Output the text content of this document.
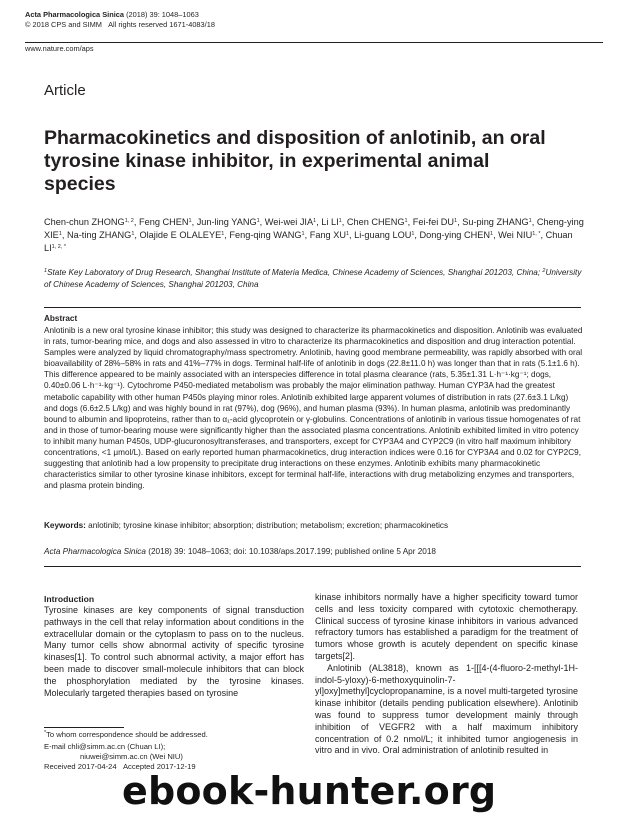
Acta Pharmacologica Sinica (2018) 39: 1048–1063
© 2018 CPS and SIMM All rights reserved 1671-4083/18
www.nature.com/aps
Article
Pharmacokinetics and disposition of anlotinib, an oral tyrosine kinase inhibitor, in experimental animal species

Chen-chun ZHONG$^{1, 2}$, Feng CHEN$^1$, Jun-ling YANG$^1$, Wei-wei JIA$^1$, Li $LI^1$, Chen CHENG$^1$, Fei-fei $DU^1$, Su-ping ZHANG$^1$, Cheng-ying XIE$^1$, Na-ting ZHANG$^1$, Olajide E OLALEYE$^1$, Feng-qing WANG$^1$, Fang $XU^1$, Li-guang LOU$^1$, Dong-ying CHEN$^1$, Wei $NIU^{1, *}$, Chuan $LI^{1, 2, *}$

$^1$State Key Laboratory of Drug Research, Shanghai Institute of Materia Medica, Chinese Academy of Sciences, Shanghai 201203, China; $^2$University of Chinese Academy of Sciences, Shanghai 201203, China

Abstract

Anlotinib is a new oral tyrosine kinase inhibitor; this study was designed to characterize its pharmacokinetics and disposition. Anlotinib was evaluated in rats, tumor-bearing mice, and dogs and also assessed in vitro to characterize its pharmacokinetics and disposition and drug interaction potential. Samples were analyzed by liquid chromatography/mass spectrometry. Anlotinib, having good membrane permeability, was rapidly absorbed with oral bioavailability of 28%–58% in rats and 41%–77% in dogs. Terminal half-life of anlotinib in dogs (22.8±11.0 h) was longer than that in rats (5.1±1.6 h). This difference appeared to be mainly associated with an interspecies difference in total plasma clearance (rats, 5.35±1.31 L·h⁻¹·kg⁻¹; dogs, 0.40±0.06 L·h⁻¹·kg⁻¹). Cytochrome P450-mediated metabolism was probably the major elimination pathway. Human CYP3A had the greatest metabolic capability with other human P450s playing minor roles. Anlotinib exhibited large apparent volumes of distribution in rats (27.6±3.1 L/kg) and dogs (6.6±2.5 L/kg) and was highly bound in rat (97%), dog (96%), and human plasma (93%). In human plasma, anlotinib was predominantly bound to albumin and lipoproteins, rather than to α₁-acid glycoprotein or γ-globulins. Concentrations of anlotinib in various tissue homogenates of rat and in those of tumor-bearing mouse were significantly higher than the associated plasma concentrations. Anlotinib exhibited limited in vitro potency to inhibit many human P450s, UDP-glucuronosyltransferases, and transporters, except for CYP3A4 and CYP2C9 (in vitro half maximum inhibitory concentrations, <1 μmol/L). Based on early reported human pharmacokinetics, drug interaction indices were 0.16 for CYP3A4 and 0.02 for CYP2C9, suggesting that anlotinib had a low propensity to precipitate drug interactions on these enzymes. Anlotinib exhibits many pharmacokinetic characteristics similar to other tyrosine kinase inhibitors, except for terminal half-life, interactions with drug metabolizing enzymes and transporters, and plasma protein binding.

Keywords: anlotinib; tyrosine kinase inhibitor; absorption; distribution; metabolism; excretion; pharmacokinetics

Acta Pharmacologica Sinica (2018) 39: 1048–1063; doi: 10.1038/aps.2017.199; published online 5 Apr 2018

Introduction

Tyrosine kinases are key components of signal transduction pathways in the cell that relay information about conditions in the extracellular domain or the cytoplasm to pass on to the nucleus. Many tumor cells show abnormal activity of specific tyrosine kinases[1]. To control such abnormal activity, a major effort has been made to discover small-molecule inhibitors that can block the phosphorylation mediated by the tyrosine kinases. Molecularly targeted therapies based on tyrosine

kinase inhibitors normally have a higher specificity toward tumor cells and less toxicity compared with cytotoxic chemotherapy. Clinical success of tyrosine kinase inhibitors in various advanced refractory tumors has established a paradigm for the treatment of tumors whose growth is acutely dependent on specific kinase targets[2].

Anlotinib (AL3818), known as 1-[[[4-(4-fluoro-2-methyl-1H-indol-5-yloxy)-6-methoxyquinolin-7-yl]oxy]methyl]cyclopropanamine, is a novel multi-targeted tyrosine kinase inhibitor (details pending publication elsewhere). Anlotinib was found to suppress tumor development mainly through inhibition of VEGFR2 with a half maximum inhibitory concentration of 0.2 nmol/L; it inhibited tumor angiogenesis in vitro and in vivo. Oral administration of anlotinib resulted in

*To whom correspondence should be addressed.
E-mail chli@simm.ac.cn (Chuan LI);
niuwei@simm.ac.cn (Wei NIU)
Received 2017-04-24 Accepted 2017-12-19
ebook-hunter.org
